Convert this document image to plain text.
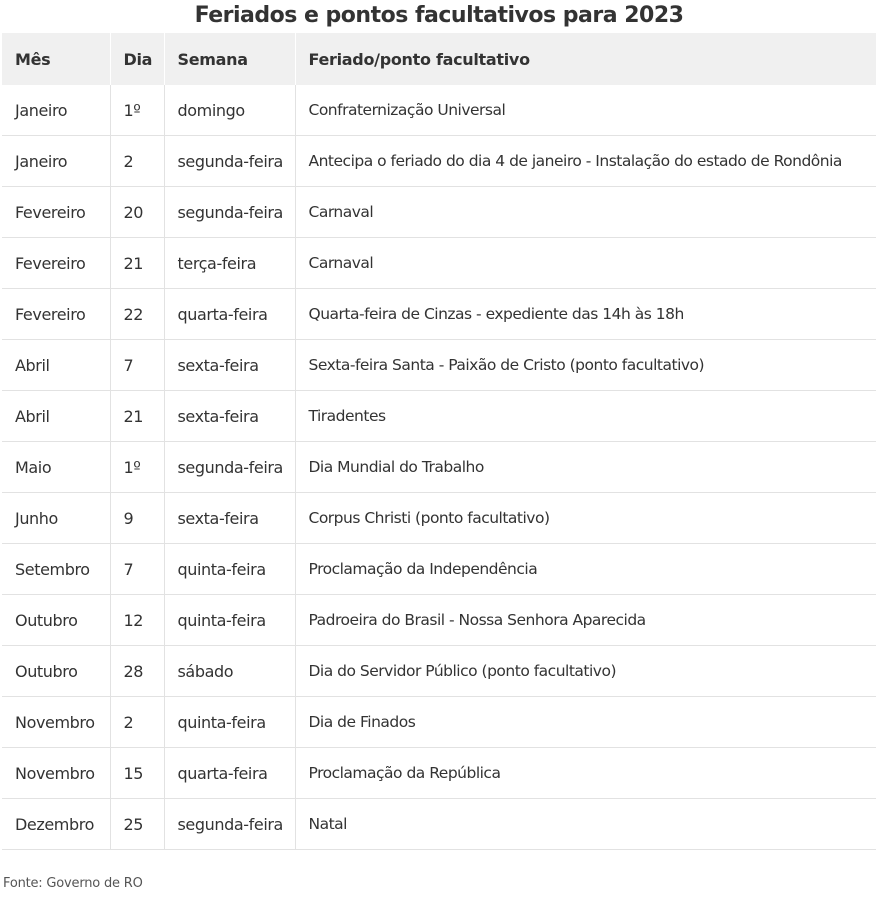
Feriados e pontos facultativos para 2023
Mês	Dia	Semana	Feriado/ponto facultativo
Janeiro	1º	domingo	Confraternização Universal
Janeiro	2	segunda-feira	Antecipa o feriado do dia 4 de janeiro - Instalação do estado de Rondônia
Fevereiro	20	segunda-feira	Carnaval
Fevereiro	21	terça-feira	Carnaval
Fevereiro	22	quarta-feira	Quarta-feira de Cinzas - expediente das 14h às 18h
Abril	7	sexta-feira	Sexta-feira Santa - Paixão de Cristo (ponto facultativo)
Abril	21	sexta-feira	Tiradentes
Maio	1º	segunda-feira	Dia Mundial do Trabalho
Junho	9	sexta-feira	Corpus Christi (ponto facultativo)
Setembro	7	quinta-feira	Proclamação da Independência
Outubro	12	quinta-feira	Padroeira do Brasil - Nossa Senhora Aparecida
Outubro	28	sábado	Dia do Servidor Público (ponto facultativo)
Novembro	2	quinta-feira	Dia de Finados
Novembro	15	quarta-feira	Proclamação da República
Dezembro	25	segunda-feira	Natal
Fonte: Governo de RO
